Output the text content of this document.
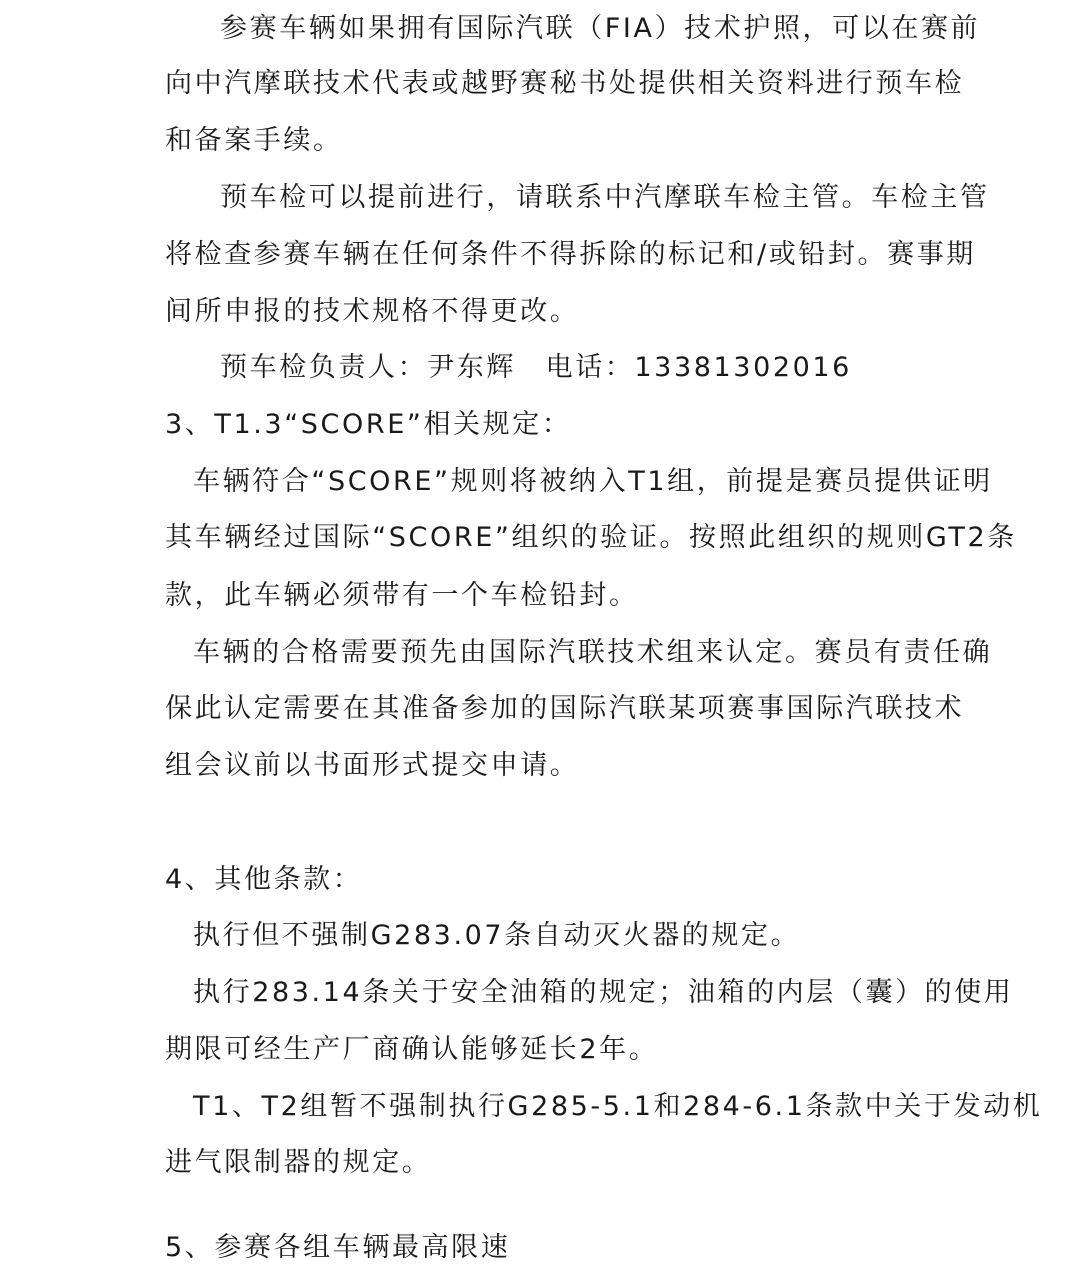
参赛车辆如果拥有国际汽联（FIA）技术护照，可以在赛前
向中汽摩联技术代表或越野赛秘书处提供相关资料进行预车检
和备案手续。
预车检可以提前进行，请联系中汽摩联车检主管。车检主管
将检查参赛车辆在任何条件不得拆除的标记和/或铅封。赛事期
间所申报的技术规格不得更改。
预车检负责人：尹东辉　电话：13381302016
3、T1.3“SCORE”相关规定：
车辆符合“SCORE”规则将被纳入T1组，前提是赛员提供证明
其车辆经过国际“SCORE”组织的验证。按照此组织的规则GT2条
款，此车辆必须带有一个车检铅封。
车辆的合格需要预先由国际汽联技术组来认定。赛员有责任确
保此认定需要在其准备参加的国际汽联某项赛事国际汽联技术
组会议前以书面形式提交申请。
4、其他条款：
执行但不强制G283.07条自动灭火器的规定。
执行283.14条关于安全油箱的规定；油箱的内层（囊）的使用
期限可经生产厂商确认能够延长2年。
T1、T2组暂不强制执行G285-5.1和284-6.1条款中关于发动机
进气限制器的规定。
5、参赛各组车辆最高限速
